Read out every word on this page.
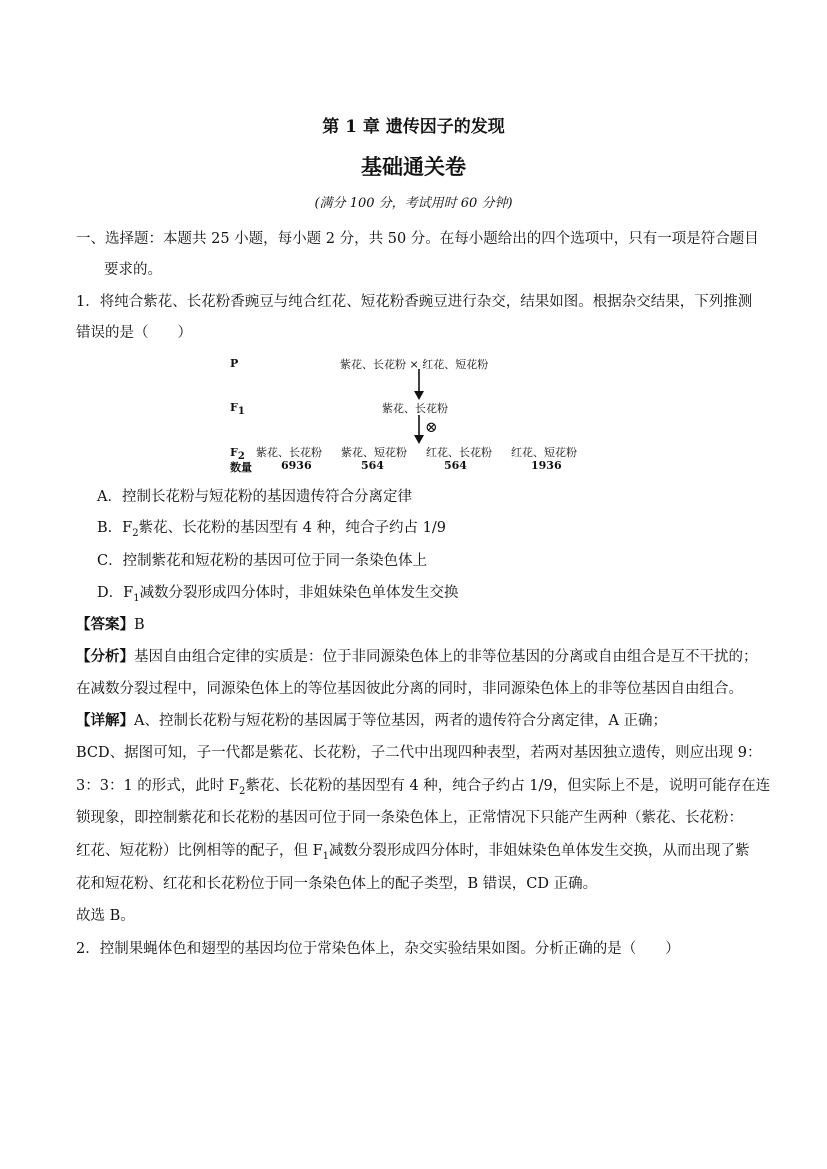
第 1 章 遗传因子的发现
基础通关卷
(满分 100 分，考试用时 60 分钟)
一、选择题：本题共 25 小题，每小题 2 分，共 50 分。在每小题给出的四个选项中，只有一项是符合题目
要求的。
1．将纯合紫花、长花粉香豌豆与纯合红花、短花粉香豌豆进行杂交，结果如图。根据杂交结果，下列推测
错误的是（　　）
P	紫花、长花粉 × 红花、短花粉
$F_1$	紫花、长花粉
⊗
$F_2$ 紫花、长花粉 紫花、短花粉 红花、长花粉 红花、短花粉
数量	6936	564	564	1936
A．控制长花粉与短花粉的基因遗传符合分离定律
B．$F_2$紫花、长花粉的基因型有 4 种，纯合子约占 1/9
C．控制紫花和短花粉的基因可位于同一条染色体上
D．$F_1$减数分裂形成四分体时，非姐妹染色单体发生交换
【答案】B
【分析】基因自由组合定律的实质是：位于非同源染色体上的非等位基因的分离或自由组合是互不干扰的；
在减数分裂过程中，同源染色体上的等位基因彼此分离的同时，非同源染色体上的非等位基因自由组合。
【详解】A、控制长花粉与短花粉的基因属于等位基因，两者的遗传符合分离定律，A 正确；
BCD、据图可知，子一代都是紫花、长花粉，子二代中出现四种表型，若两对基因独立遗传，则应出现 9：
3：3：1 的形式，此时 $F_2$紫花、长花粉的基因型有 4 种，纯合子约占 1/9，但实际上不是，说明可能存在连
锁现象，即控制紫花和长花粉的基因可位于同一条染色体上，正常情况下只能产生两种（紫花、长花粉：
红花、短花粉）比例相等的配子，但 $F_1$减数分裂形成四分体时，非姐妹染色单体发生交换，从而出现了紫
花和短花粉、红花和长花粉位于同一条染色体上的配子类型，B 错误，CD 正确。
故选 B。
2．控制果蝇体色和翅型的基因均位于常染色体上，杂交实验结果如图。分析正确的是（　　）
